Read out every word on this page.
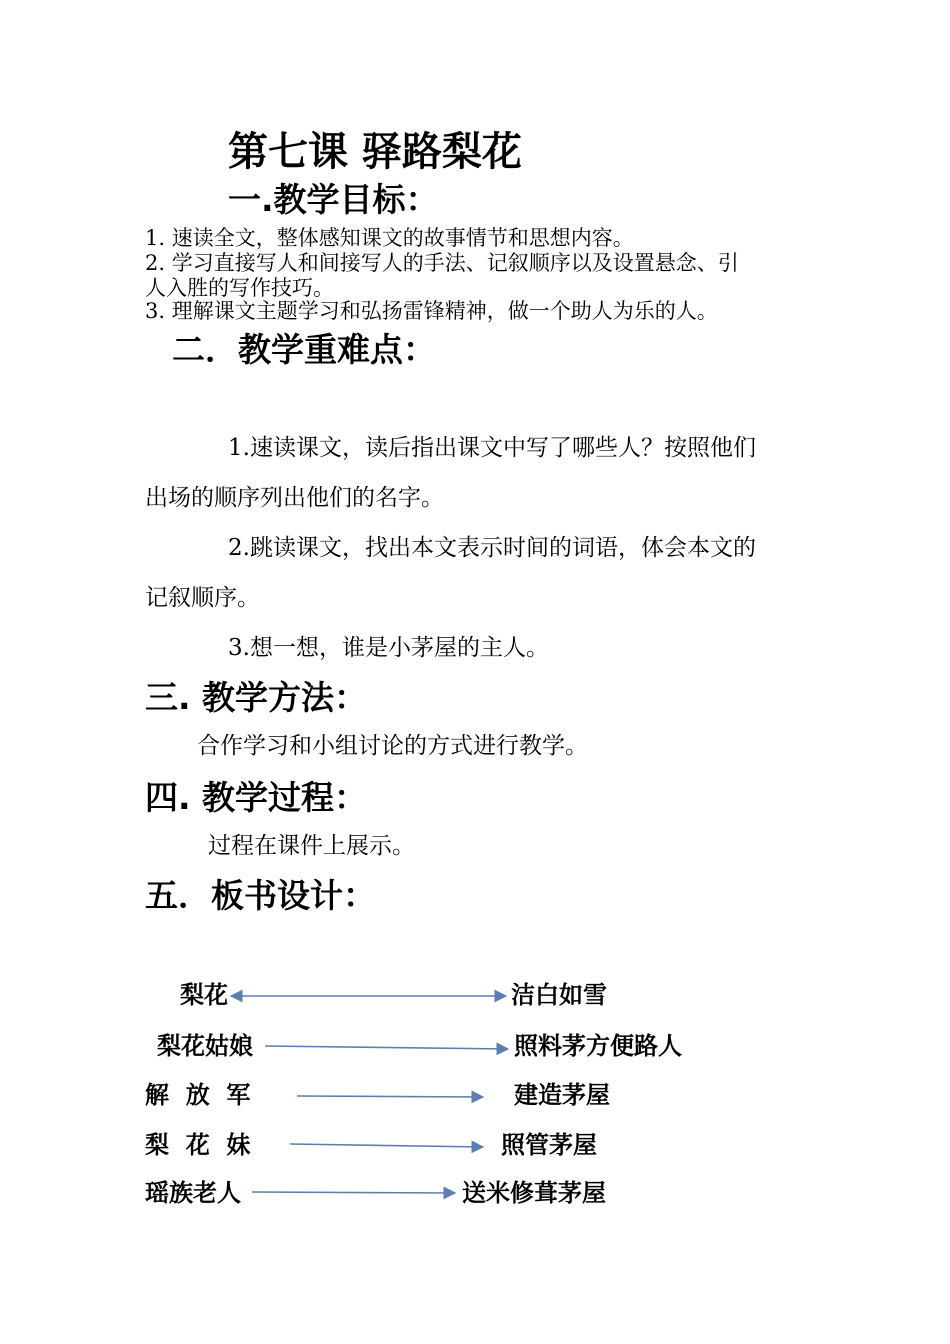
第七课 驿路梨花
一.教学目标：
1. 速读全文，整体感知课文的故事情节和思想内容。
2. 学习直接写人和间接写人的手法、记叙顺序以及设置悬念、引
人入胜的写作技巧。
3. 理解课文主题学习和弘扬雷锋精神，做一个助人为乐的人。
二．教学重难点：
1.速读课文，读后指出课文中写了哪些人？按照他们
出场的顺序列出他们的名字。
2.跳读课文，找出本文表示时间的词语，体会本文的
记叙顺序。
3.想一想，谁是小茅屋的主人。
三. 教学方法：
合作学习和小组讨论的方式进行教学。
四. 教学过程：
过程在课件上展示。
五．板书设计：
梨花	洁白如雪
梨花姑娘	照料茅方便路人
解  放  军	建造茅屋
梨  花  妹	照管茅屋
瑶族老人	送米修葺茅屋
